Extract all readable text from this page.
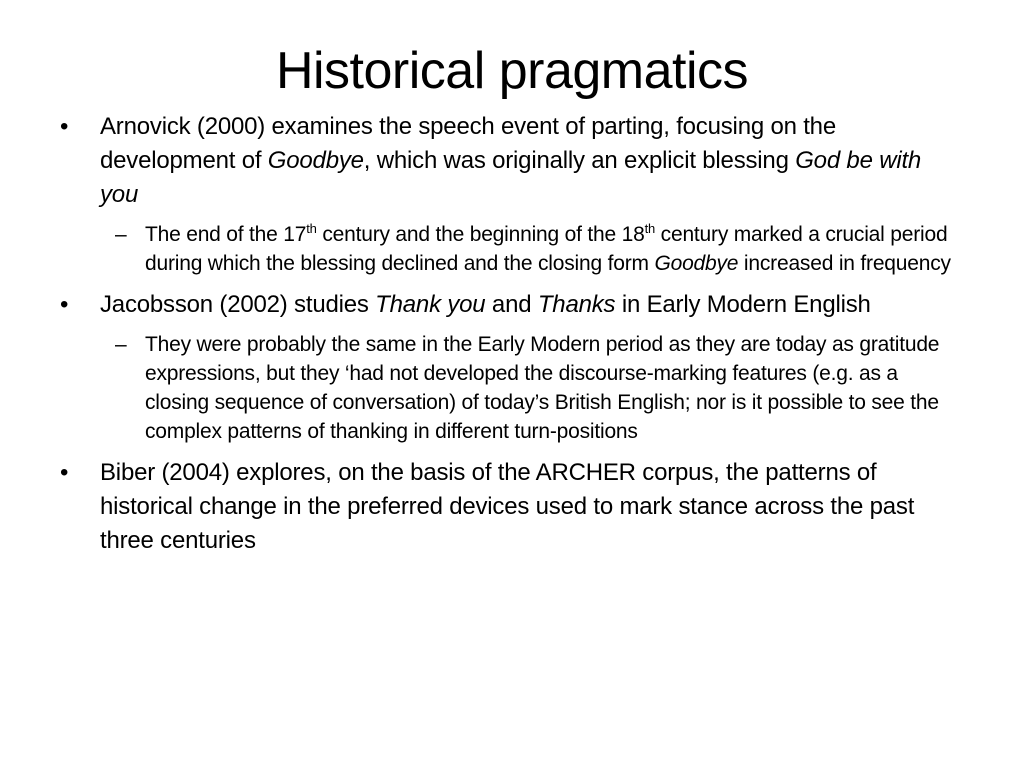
Historical pragmatics
•	Arnovick (2000) examines the speech event of parting, focusing on the development of Goodbye, which was originally an explicit blessing God be with you
– The end of the 17th century and the beginning of the 18th century marked a crucial period during which the blessing declined and the closing form Goodbye increased in frequency
•	Jacobsson (2002) studies Thank you and Thanks in Early Modern English
– They were probably the same in the Early Modern period as they are today as gratitude expressions, but they ‘had not developed the discourse-marking features (e.g. as a closing sequence of conversation) of today’s British English; nor is it possible to see the complex patterns of thanking in different turn-positions
•	Biber (2004) explores, on the basis of the ARCHER corpus, the patterns of historical change in the preferred devices used to mark stance across the past three centuries
